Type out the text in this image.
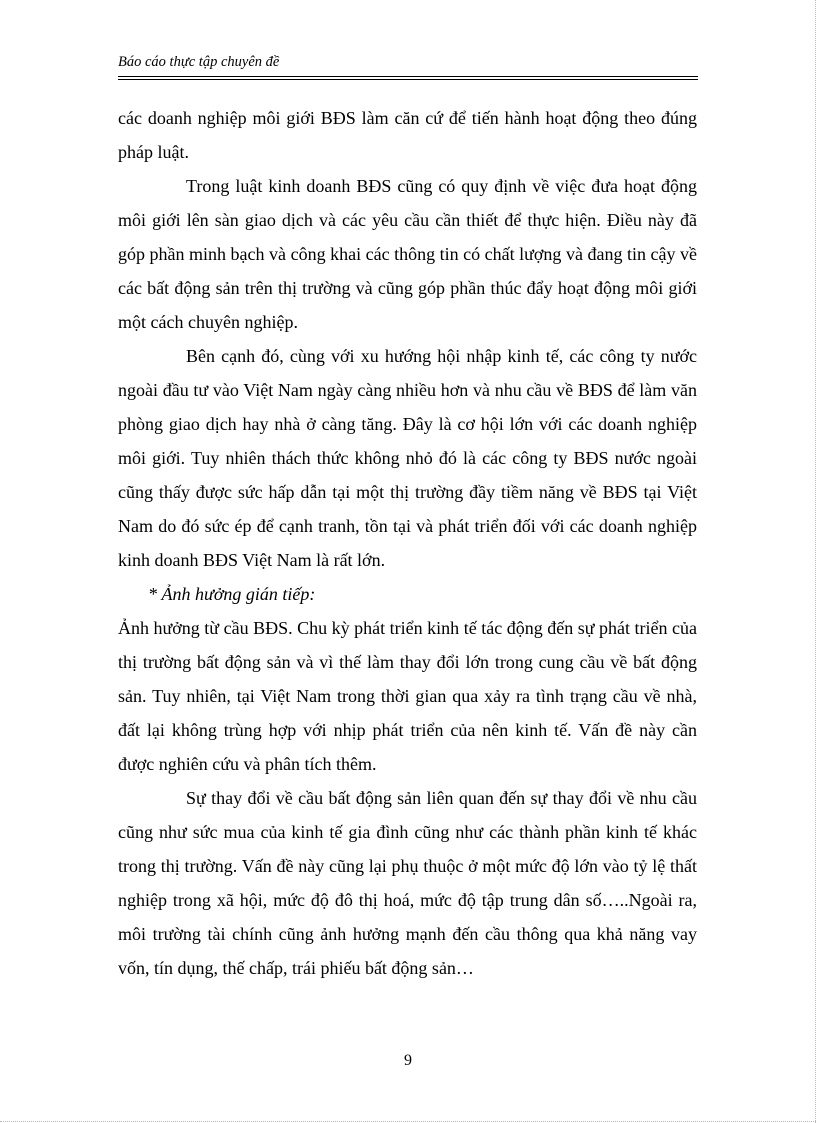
Báo cáo thực tập chuyên đề

các doanh nghiệp môi giới BĐS làm căn cứ để tiến hành hoạt động theo đúng pháp luật.

Trong luật kinh doanh BĐS cũng có quy định về việc đưa hoạt động môi giới lên sàn giao dịch và các yêu cầu cần thiết để thực hiện. Điều này đã góp phần minh bạch và công khai các thông tin có chất lượng và đang tin cậy về các bất động sản trên thị trường và cũng góp phần thúc đẩy hoạt động môi giới một cách chuyên nghiệp.

Bên cạnh đó, cùng với xu hướng hội nhập kinh tế, các công ty nước ngoài đầu tư vào Việt Nam ngày càng nhiều hơn và nhu cầu về BĐS để làm văn phòng giao dịch hay nhà ở càng tăng. Đây là cơ hội lớn với các doanh nghiệp môi giới. Tuy nhiên thách thức không nhỏ đó là các công ty BĐS nước ngoài cũng thấy được sức hấp dẫn tại một thị trường đầy tiềm năng về BĐS tại Việt Nam do đó sức ép để cạnh tranh, tồn tại và phát triển đối với các doanh nghiệp kinh doanh BĐS Việt Nam là rất lớn.

* Ảnh hưởng gián tiếp:

Ảnh hưởng từ cầu BĐS. Chu kỳ phát triển kinh tế tác động đến sự phát triển của thị trường bất động sản và vì thế làm thay đổi lớn trong cung cầu về bất động sản. Tuy nhiên, tại Việt Nam trong thời gian qua xảy ra tình trạng cầu về nhà, đất lại không trùng hợp với nhịp phát triển của nên kinh tế. Vấn đề này cần được nghiên cứu và phân tích thêm.

Sự thay đổi về cầu bất động sản liên quan đến sự thay đổi về nhu cầu cũng như sức mua của kinh tế gia đình cũng như các thành phần kinh tế khác trong thị trường. Vấn đề này cũng lại phụ thuộc ở một mức độ lớn vào tỷ lệ thất nghiệp trong xã hội, mức độ đô thị hoá, mức độ tập trung dân số…..Ngoài ra, môi trường tài chính cũng ảnh hưởng mạnh đến cầu thông qua khả năng vay vốn, tín dụng, thế chấp, trái phiếu bất động sản…

9
